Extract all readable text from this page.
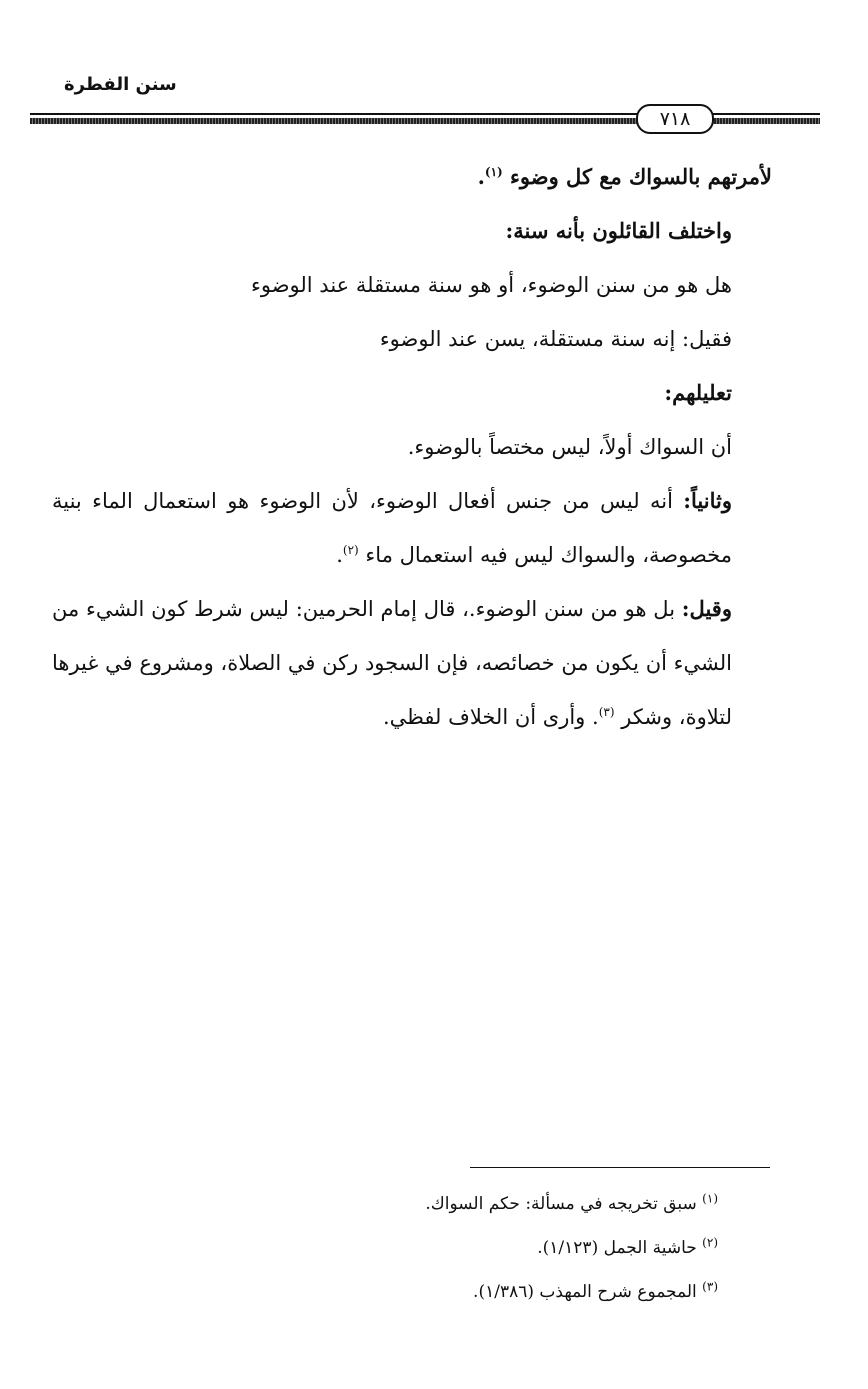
سنن الفطرة
٧١٨

لأمرتهم بالسواك مع كل وضوء $^{(١)}$.

واختلف القائلون بأنه سنة:

هل هو من سنن الوضوء، أو هو سنة مستقلة عند الوضوء

فقيل: إنه سنة مستقلة، يسن عند الوضوء

تعليلهم:

أن السواك أولاً، ليس مختصاً بالوضوء.

وثانياً: أنه ليس من جنس أفعال الوضوء، لأن الوضوء هو استعمال الماء بنية مخصوصة، والسواك ليس فيه استعمال ماء $^{(٢)}$.

وقيل: بل هو من سنن الوضوء.، قال إمام الحرمين: ليس شرط كون الشيء من الشيء أن يكون من خصائصه، فإن السجود ركن في الصلاة، ومشروع في غيرها لتلاوة، وشكر $^{(٣)}$. وأرى أن الخلاف لفظي.

$^{(١)}$ سبق تخريجه في مسألة: حكم السواك.

$^{(٢)}$ حاشية الجمل (١/١٢٣).

$^{(٣)}$ المجموع شرح المهذب (١/٣٨٦).
